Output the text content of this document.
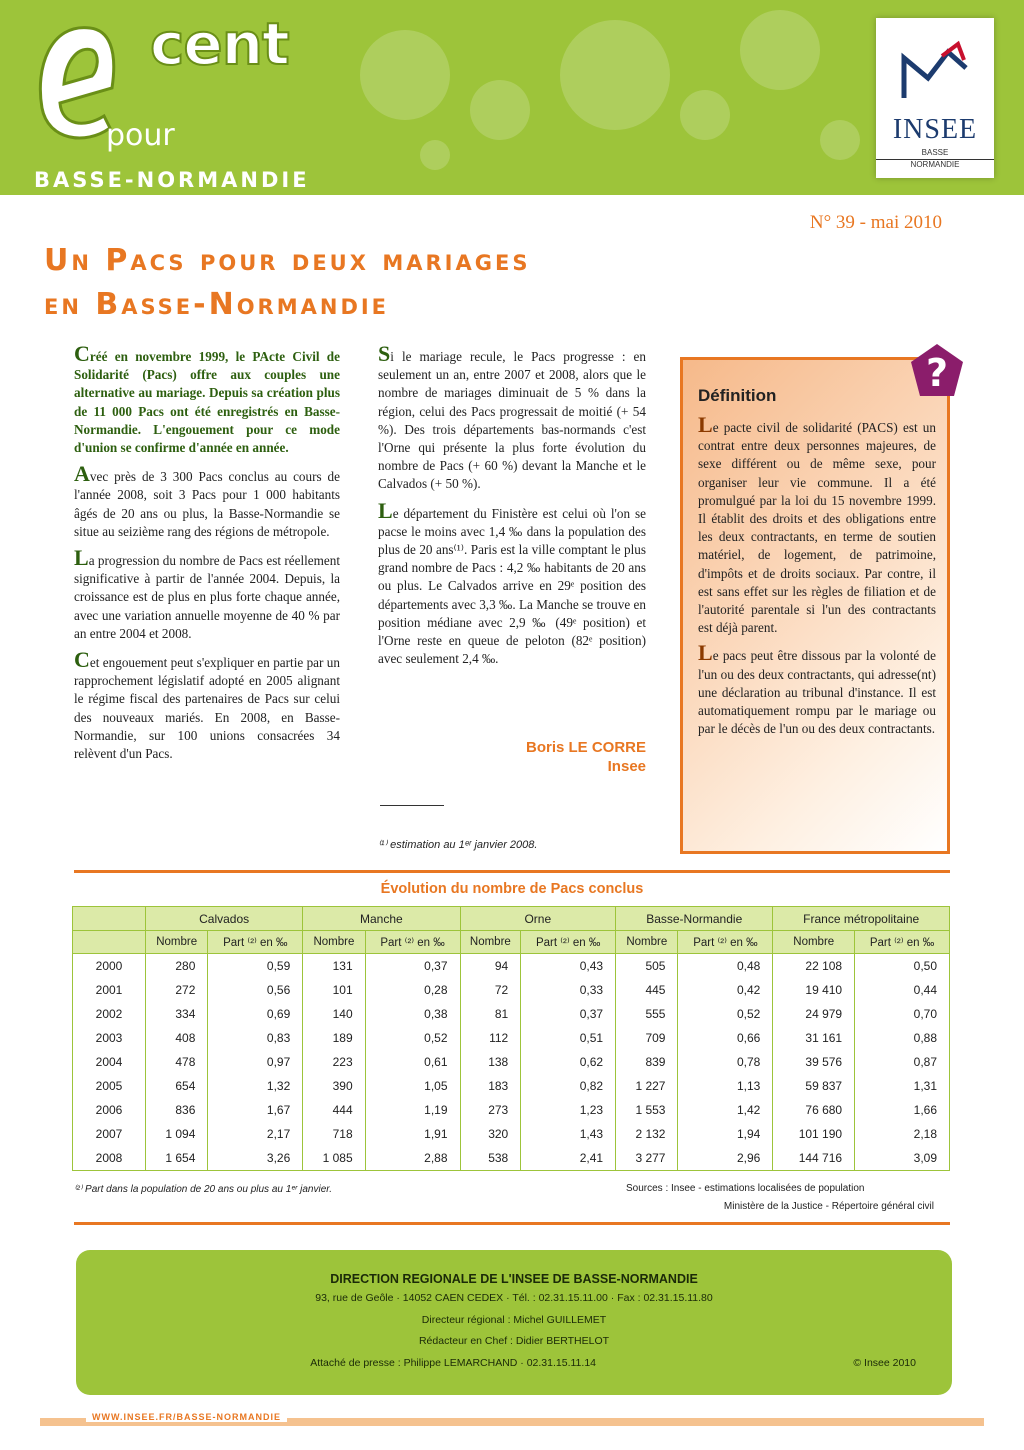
cent
pour
BASSE-NORMANDIE
INSEE
BASSE
NORMANDIE
N° 39 - mai 2010
Un Pacs pour deux mariages
en Basse-Normandie

Créé en novembre 1999, le PActe Civil de Solidarité (Pacs) offre aux couples une alternative au mariage. Depuis sa création plus de 11 000 Pacs ont été enregistrés en Basse-Normandie. L'engouement pour ce mode d'union se confirme d'année en année.

Avec près de 3 300 Pacs conclus au cours de l'année 2008, soit 3 Pacs pour 1 000 habitants âgés de 20 ans ou plus, la Basse-Normandie se situe au seizième rang des régions de métropole.

La progression du nombre de Pacs est réellement significative à partir de l'année 2004. Depuis, la croissance est de plus en plus forte chaque année, avec une variation annuelle moyenne de 40 % par an entre 2004 et 2008.

Cet engouement peut s'expliquer en partie par un rapprochement législatif adopté en 2005 alignant le régime fiscal des partenaires de Pacs sur celui des nouveaux mariés. En 2008, en Basse-Normandie, sur 100 unions consacrées 34 relèvent d'un Pacs.

Si le mariage recule, le Pacs progresse : en seulement un an, entre 2007 et 2008, alors que le nombre de mariages diminuait de 5 % dans la région, celui des Pacs progressait de moitié (+ 54 %). Des trois départements bas-normands c'est l'Orne qui présente la plus forte évolution du nombre de Pacs (+ 60 %) devant la Manche et le Calvados (+ 50 %).

Le département du Finistère est celui où l'on se pacse le moins avec 1,4 ‰ dans la population des plus de 20 ans⁽¹⁾. Paris est la ville comptant le plus grand nombre de Pacs : 4,2 ‰ habitants de 20 ans ou plus. Le Calvados arrive en 29ᵉ position des départements avec 3,3 ‰. La Manche se trouve en position médiane avec 2,9 ‰ (49ᵉ position) et l'Orne reste en queue de peloton (82ᵉ position) avec seulement 2,4 ‰.

Boris LE CORRE
Insee
⁽¹⁾ estimation au 1ᵉʳ janvier 2008.
?
Définition

Le pacte civil de solidarité (PACS) est un contrat entre deux personnes majeures, de sexe différent ou de même sexe, pour organiser leur vie commune. Il a été promulgué par la loi du 15 novembre 1999. Il établit des droits et des obligations entre les deux contractants, en terme de soutien matériel, de logement, de patrimoine, d'impôts et de droits sociaux. Par contre, il est sans effet sur les règles de filiation et de l'autorité parentale si l'un des contractants est déjà parent.

Le pacs peut être dissous par la volonté de l'un ou des deux contractants, qui adresse(nt) une déclaration au tribunal d'instance. Il est automatiquement rompu par le mariage ou par le décès de l'un ou des deux contractants.

Évolution du nombre de Pacs conclus
	Calvados		Manche		Orne		Basse-Normandie		France métropolitaine	
	Nombre	Part ⁽²⁾ en ‰	Nombre	Part ⁽²⁾ en ‰	Nombre	Part ⁽²⁾ en ‰	Nombre	Part ⁽²⁾ en ‰	Nombre	Part ⁽²⁾ en ‰
2000	280	0,59	131	0,37	94	0,43	505	0,48	22 108	0,50
2001	272	0,56	101	0,28	72	0,33	445	0,42	19 410	0,44
2002	334	0,69	140	0,38	81	0,37	555	0,52	24 979	0,70
2003	408	0,83	189	0,52	112	0,51	709	0,66	31 161	0,88
2004	478	0,97	223	0,61	138	0,62	839	0,78	39 576	0,87
2005	654	1,32	390	1,05	183	0,82	1 227	1,13	59 837	1,31
2006	836	1,67	444	1,19	273	1,23	1 553	1,42	76 680	1,66
2007	1 094	2,17	718	1,91	320	1,43	2 132	1,94	101 190	2,18
2008	1 654	3,26	1 085	2,88	538	2,41	3 277	2,96	144 716	3,09
⁽²⁾ Part dans la population de 20 ans ou plus au 1ᵉʳ janvier.	Sources : Insee - estimations localisées de population
Ministère de la Justice - Répertoire général civil
DIRECTION REGIONALE DE L'INSEE DE BASSE-NORMANDIE
93, rue de Geôle · 14052 CAEN CEDEX · Tél. : 02.31.15.11.00 · Fax : 02.31.15.11.80
Directeur régional : Michel GUILLEMET
Rédacteur en Chef : Didier BERTHELOT
Attaché de presse : Philippe LEMARCHAND · 02.31.15.11.14	© Insee 2010
WWW.INSEE.FR/BASSE-NORMANDIE
